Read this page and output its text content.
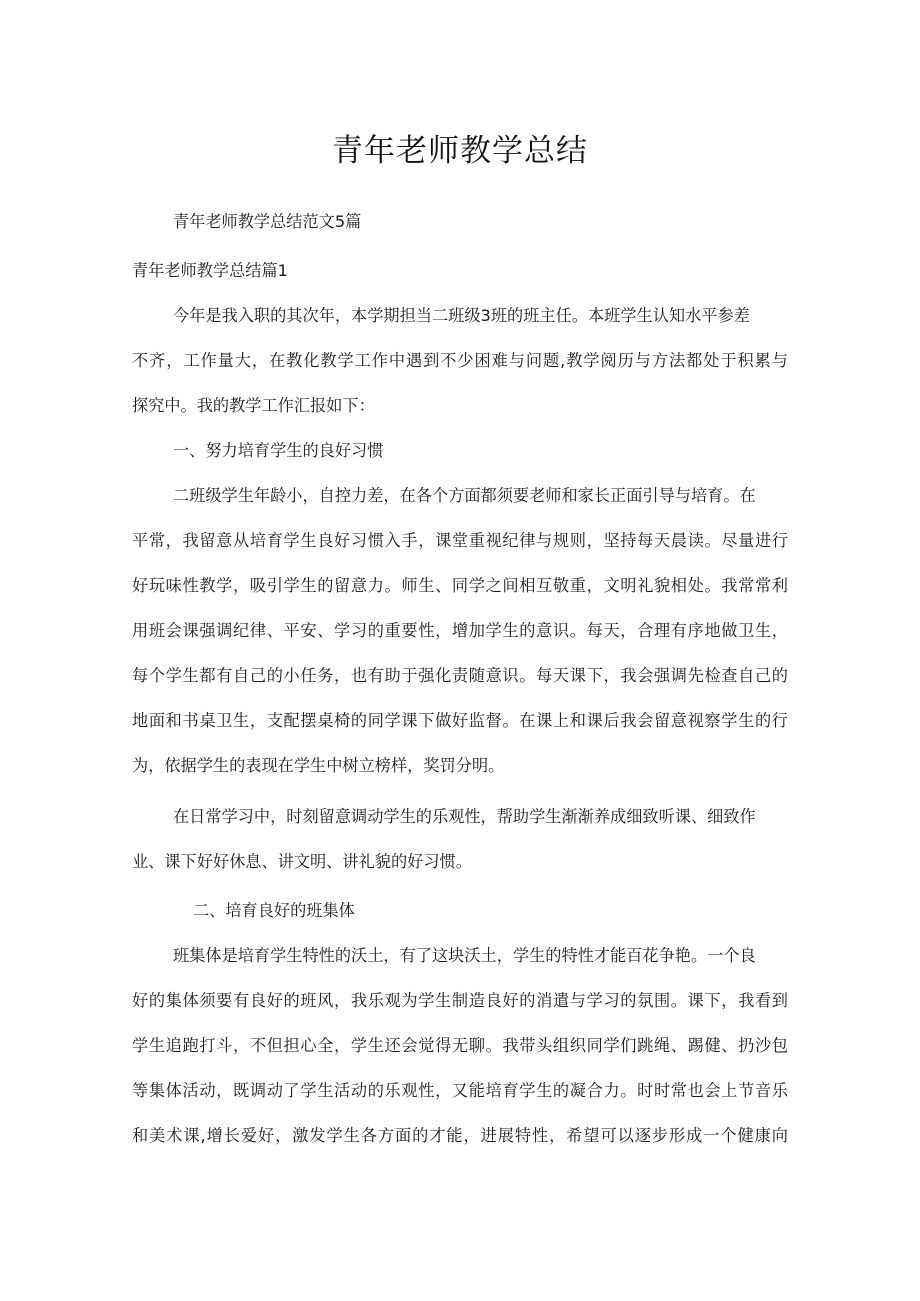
青年老师教学总结
青年老师教学总结范文5篇
青年老师教学总结篇1
今年是我入职的其次年，本学期担当二班级3班的班主任。本班学生认知水平参差
不齐，工作量大，在教化教学工作中遇到不少困难与问题,教学阅历与方法都处于积累与
探究中。我的教学工作汇报如下：
一、努力培育学生的良好习惯
二班级学生年龄小，自控力差，在各个方面都须要老师和家长正面引导与培育。在
平常，我留意从培育学生良好习惯入手，课堂重视纪律与规则，坚持每天晨读。尽量进行
好玩味性教学，吸引学生的留意力。师生、同学之间相互敬重，文明礼貌相处。我常常利
用班会课强调纪律、平安、学习的重要性，增加学生的意识。每天，合理有序地做卫生，
每个学生都有自己的小任务，也有助于强化责随意识。每天课下，我会强调先检查自己的
地面和书桌卫生，支配摆桌椅的同学课下做好监督。在课上和课后我会留意视察学生的行
为，依据学生的表现在学生中树立榜样，奖罚分明。
在日常学习中，时刻留意调动学生的乐观性，帮助学生渐渐养成细致听课、细致作
业、课下好好休息、讲文明、讲礼貌的好习惯。
二、培育良好的班集体
班集体是培育学生特性的沃土，有了这块沃土，学生的特性才能百花争艳。一个良
好的集体须要有良好的班风，我乐观为学生制造良好的消遣与学习的氛围。课下，我看到
学生追跑打斗，不但担心全，学生还会觉得无聊。我带头组织同学们跳绳、踢健、扔沙包
等集体活动，既调动了学生活动的乐观性，又能培育学生的凝合力。时时常也会上节音乐
和美术课,增长爱好，激发学生各方面的才能，进展特性，希望可以逐步形成一个健康向
